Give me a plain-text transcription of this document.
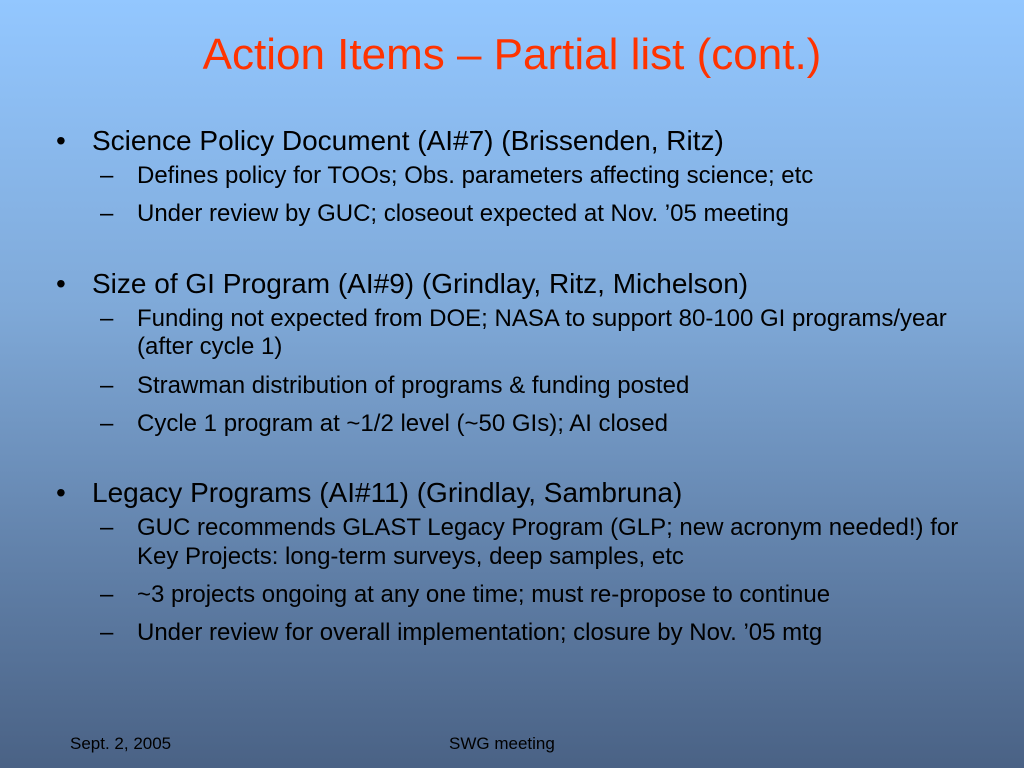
Action Items – Partial list (cont.)
• Science Policy Document (AI#7) (Brissenden, Ritz)
– Defines policy for TOOs; Obs. parameters affecting science; etc
– Under review by GUC; closeout expected at Nov. ’05 meeting
• Size of GI Program (AI#9) (Grindlay, Ritz, Michelson)
– Funding not expected from DOE; NASA to support 80-100 GI programs/year (after cycle 1)
– Strawman distribution of programs & funding posted
– Cycle 1 program at ~1/2 level (~50 GIs); AI closed
• Legacy Programs (AI#11) (Grindlay, Sambruna)
– GUC recommends GLAST Legacy Program (GLP; new acronym needed!) for Key Projects: long-term surveys, deep samples, etc
– ~3 projects ongoing at any one time; must re-propose to continue
– Under review for overall implementation; closure by Nov. ’05 mtg
Sept. 2, 2005	SWG meeting
